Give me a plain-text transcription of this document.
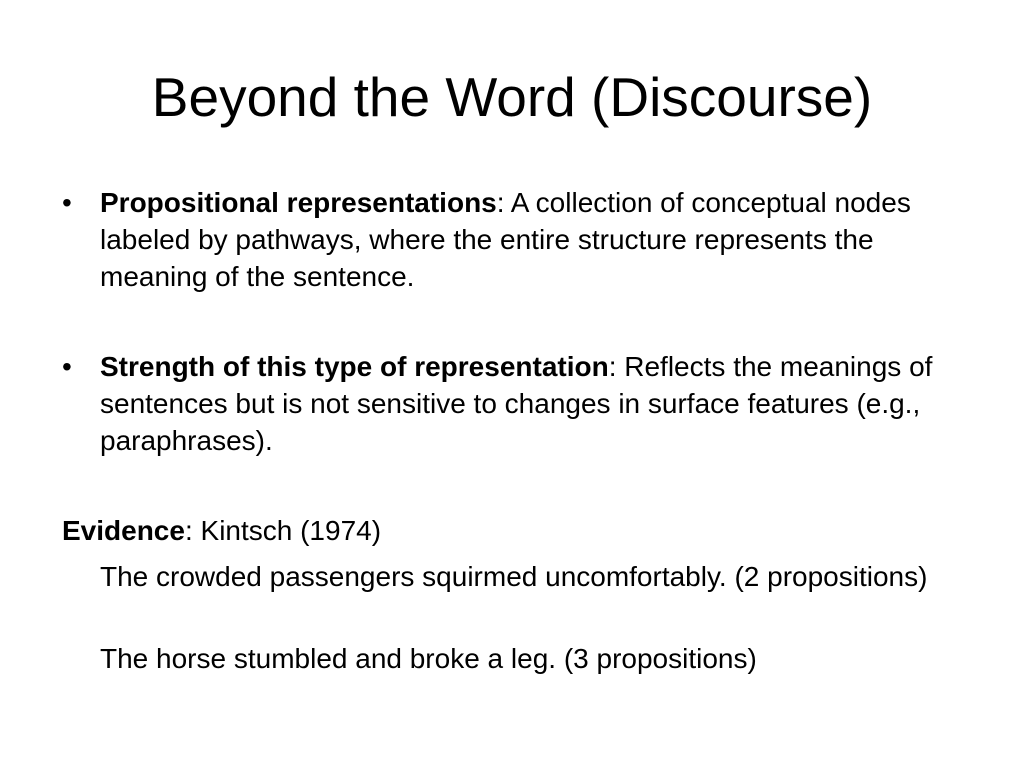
Beyond the Word (Discourse)
•	Propositional representations: A collection of conceptual nodes labeled by pathways, where the entire structure represents the meaning of the sentence.
•	Strength of this type of representation: Reflects the meanings of sentences but is not sensitive to changes in surface features (e.g., paraphrases).
Evidence: Kintsch (1974)
The crowded passengers squirmed uncomfortably. (2 propositions)
The horse stumbled and broke a leg. (3 propositions)
